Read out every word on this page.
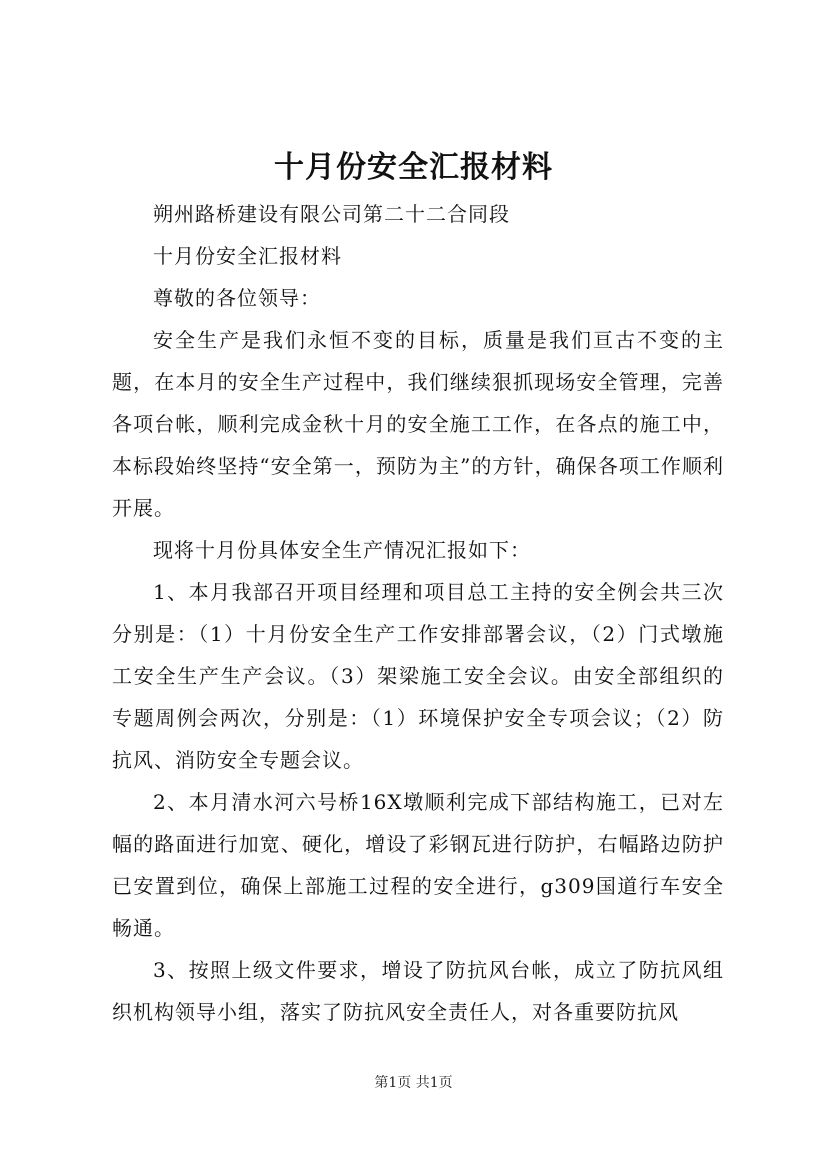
十月份安全汇报材料

朔州路桥建设有限公司第二十二合同段

十月份安全汇报材料

尊敬的各位领导：

安全生产是我们永恒不变的目标，质量是我们亘古不变的主题，在本月的安全生产过程中，我们继续狠抓现场安全管理，完善各项台帐，顺利完成金秋十月的安全施工工作，在各点的施工中，本标段始终坚持“安全第一，预防为主”的方针，确保各项工作顺利开展。

现将十月份具体安全生产情况汇报如下：

1、本月我部召开项目经理和项目总工主持的安全例会共三次分别是：（1）十月份安全生产工作安排部署会议，（2）门式墩施工安全生产生产会议。（3）架梁施工安全会议。由安全部组织的专题周例会两次，分别是：（1）环境保护安全专项会议；（2）防抗风、消防安全专题会议。

2、本月清水河六号桥16X墩顺利完成下部结构施工，已对左幅的路面进行加宽、硬化，增设了彩钢瓦进行防护，右幅路边防护已安置到位，确保上部施工过程的安全进行，g309国道行车安全畅通。

3、按照上级文件要求，增设了防抗风台帐，成立了防抗风组织机构领导小组，落实了防抗风安全责任人，对各重要防抗风

第1页 共1页
